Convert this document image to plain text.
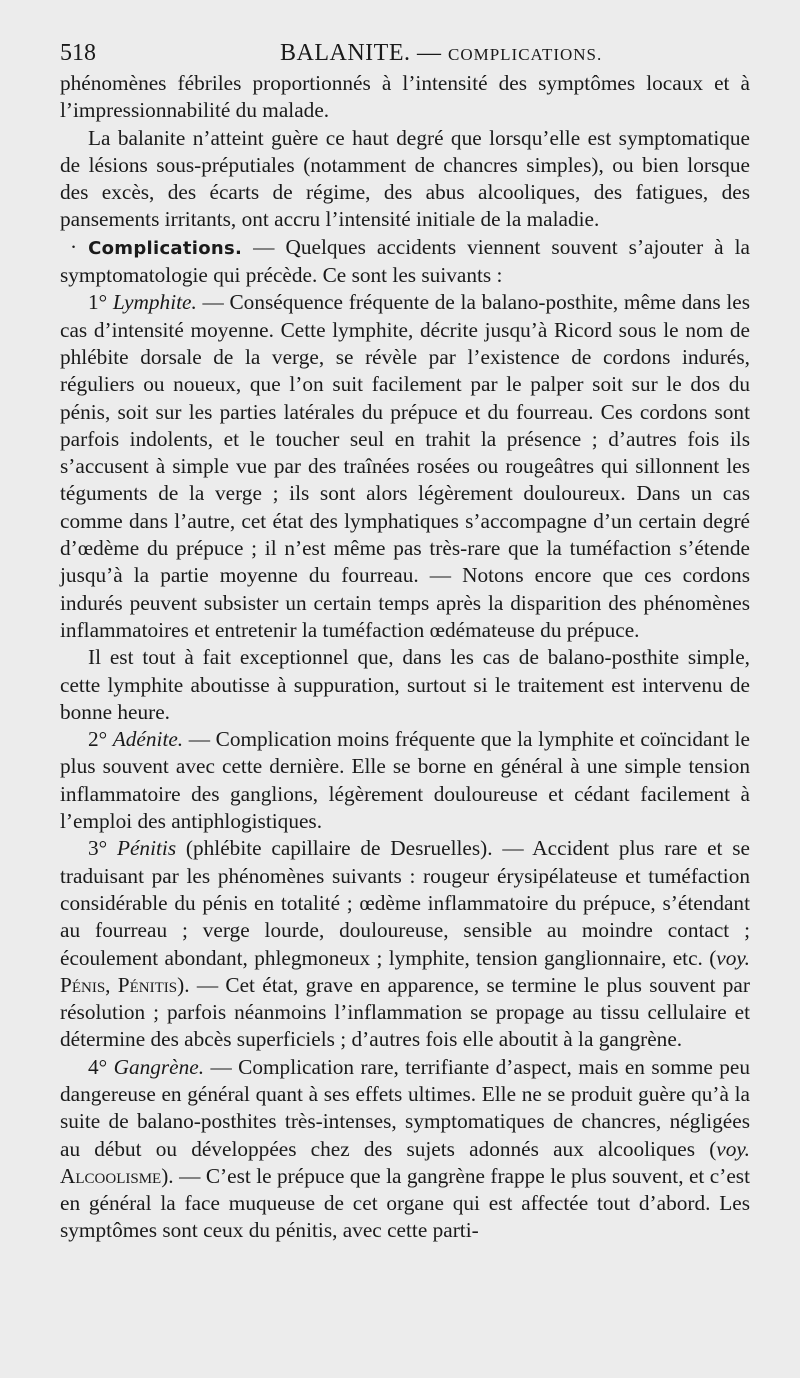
518	BALANITE. — COMPLICATIONS.

phénomènes fébriles proportionnés à l’intensité des symptômes locaux et à l’impressionnabilité du malade.

La balanite n’atteint guère ce haut degré que lorsqu’elle est symptomatique de lésions sous-préputiales (notamment de chancres simples), ou bien lorsque des excès, des écarts de régime, des abus alcooliques, des fatigues, des pansements irritants, ont accru l’intensité initiale de la maladie.

· Complications. — Quelques accidents viennent souvent s’ajouter à la symptomatologie qui précède. Ce sont les suivants :

1° Lymphite. — Conséquence fréquente de la balano-posthite, même dans les cas d’intensité moyenne. Cette lymphite, décrite jusqu’à Ricord sous le nom de phlébite dorsale de la verge, se révèle par l’existence de cordons indurés, réguliers ou noueux, que l’on suit facilement par le palper soit sur le dos du pénis, soit sur les parties latérales du prépuce et du fourreau. Ces cordons sont parfois indolents, et le toucher seul en trahit la présence ; d’autres fois ils s’accusent à simple vue par des traînées rosées ou rougeâtres qui sillonnent les téguments de la verge ; ils sont alors légèrement douloureux. Dans un cas comme dans l’autre, cet état des lymphatiques s’accompagne d’un certain degré d’œdème du prépuce ; il n’est même pas très-rare que la tuméfaction s’étende jusqu’à la partie moyenne du fourreau. — Notons encore que ces cordons indurés peuvent subsister un certain temps après la disparition des phénomènes inflammatoires et entretenir la tuméfaction œdémateuse du prépuce.

Il est tout à fait exceptionnel que, dans les cas de balano-posthite simple, cette lymphite aboutisse à suppuration, surtout si le traitement est intervenu de bonne heure.

2° Adénite. — Complication moins fréquente que la lymphite et coïncidant le plus souvent avec cette dernière. Elle se borne en général à une simple tension inflammatoire des ganglions, légèrement douloureuse et cédant facilement à l’emploi des antiphlogistiques.

3° Pénitis (phlébite capillaire de Desruelles). — Accident plus rare et se traduisant par les phénomènes suivants : rougeur érysipélateuse et tuméfaction considérable du pénis en totalité ; œdème inflammatoire du prépuce, s’étendant au fourreau ; verge lourde, douloureuse, sensible au moindre contact ; écoulement abondant, phlegmoneux ; lymphite, tension ganglionnaire, etc. (voy. Pénis, Pénitis). — Cet état, grave en apparence, se termine le plus souvent par résolution ; parfois néanmoins l’inflammation se propage au tissu cellulaire et détermine des abcès superficiels ; d’autres fois elle aboutit à la gangrène.

4° Gangrène. — Complication rare, terrifiante d’aspect, mais en somme peu dangereuse en général quant à ses effets ultimes. Elle ne se produit guère qu’à la suite de balano-posthites très-intenses, symptomatiques de chancres, négligées au début ou développées chez des sujets adonnés aux alcooliques (voy. Alcoolisme). — C’est le prépuce que la gangrène frappe le plus souvent, et c’est en général la face muqueuse de cet organe qui est affectée tout d’abord. Les symptômes sont ceux du pénitis, avec cette parti-
